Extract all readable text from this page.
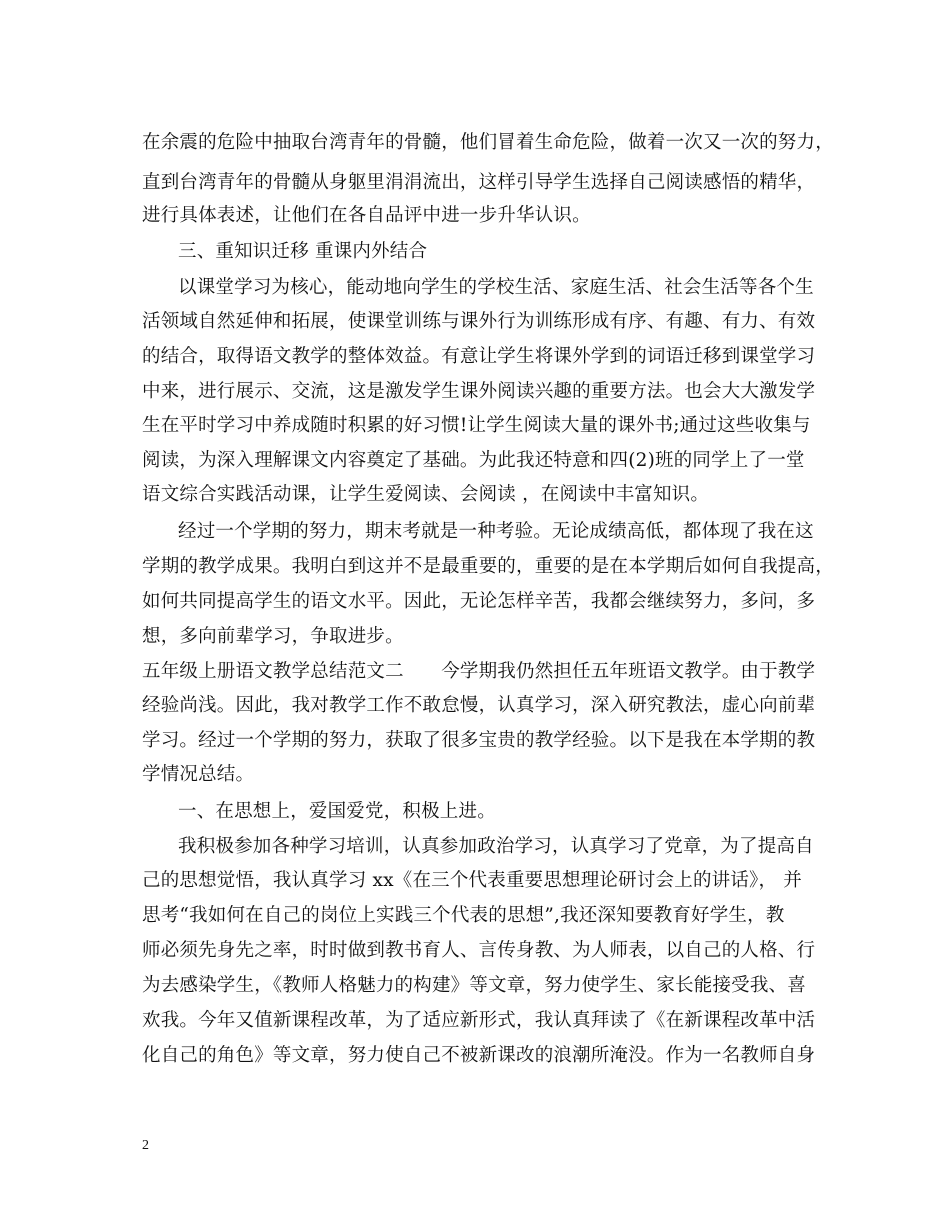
在余震的危险中抽取台湾青年的骨髓，他们冒着生命危险，做着一次又一次的努力，
直到台湾青年的骨髓从身躯里涓涓流出，这样引导学生选择自己阅读感悟的精华，
进行具体表述，让他们在各自品评中进一步升华认识。
三、重知识迁移 重课内外结合
以课堂学习为核心，能动地向学生的学校生活、家庭生活、社会生活等各个生
活领域自然延伸和拓展，使课堂训练与课外行为训练形成有序、有趣、有力、有效
的结合，取得语文教学的整体效益。有意让学生将课外学到的词语迁移到课堂学习
中来，进行展示、交流，这是激发学生课外阅读兴趣的重要方法。也会大大激发学
生在平时学习中养成随时积累的好习惯!让学生阅读大量的课外书;通过这些收集与
阅读，为深入理解课文内容奠定了基础。为此我还特意和四(2)班的同学上了一堂
语文综合实践活动课，让学生爱阅读、会阅读 ，在阅读中丰富知识。
经过一个学期的努力，期末考就是一种考验。无论成绩高低，都体现了我在这
学期的教学成果。我明白到这并不是最重要的，重要的是在本学期后如何自我提高，
如何共同提高学生的语文水平。因此，无论怎样辛苦，我都会继续努力，多问，多
想，多向前辈学习，争取进步。
五年级上册语文教学总结范文二　　今学期我仍然担任五年班语文教学。由于教学
经验尚浅。因此，我对教学工作不敢怠慢，认真学习，深入研究教法，虚心向前辈
学习。经过一个学期的努力，获取了很多宝贵的教学经验。以下是我在本学期的教
学情况总结。
一、在思想上，爱国爱党，积极上进。
我积极参加各种学习培训，认真参加政治学习，认真学习了党章，为了提高自
己的思想觉悟，我认真学习 xx《在三个代表重要思想理论研讨会上的讲话》， 并
思考“我如何在自己的岗位上实践三个代表的思想”,我还深知要教育好学生，教
师必须先身先之率，时时做到教书育人、言传身教、为人师表，以自己的人格、行
为去感染学生，《教师人格魅力的构建》等文章，努力使学生、家长能接受我、喜
欢我。今年又值新课程改革，为了适应新形式，我认真拜读了《在新课程改革中活
化自己的角色》等文章，努力使自己不被新课改的浪潮所淹没。作为一名教师自身
2
